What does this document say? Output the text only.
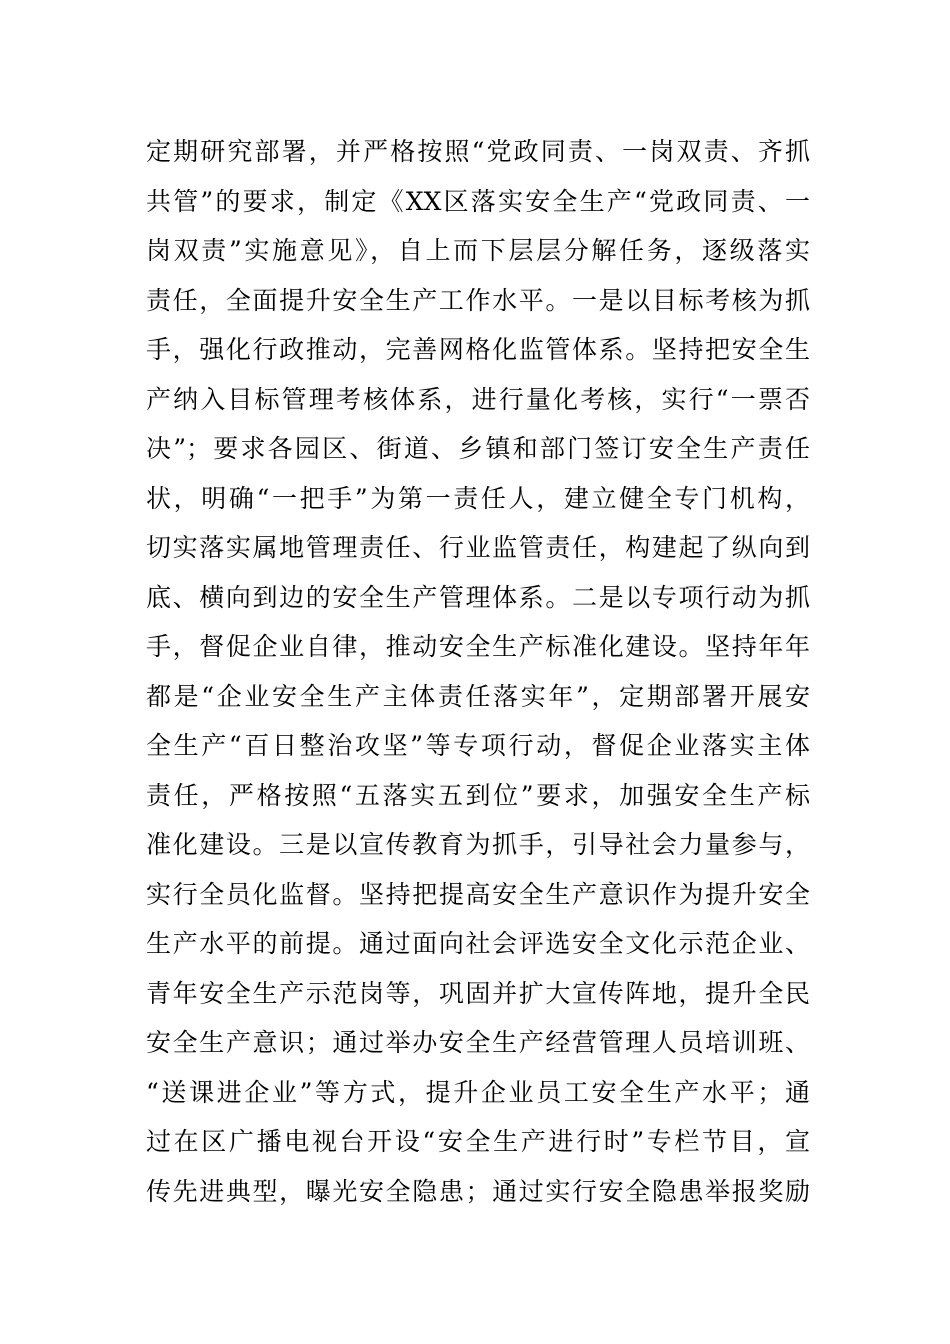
定期研究部署，并严格按照“党政同责、一岗双责、齐抓
共管”的要求，制定《XX区落实安全生产“党政同责、一
岗双责”实施意见》，自上而下层层分解任务，逐级落实
责任，全面提升安全生产工作水平。一是以目标考核为抓
手，强化行政推动，完善网格化监管体系。坚持把安全生
产纳入目标管理考核体系，进行量化考核，实行“一票否
决”；要求各园区、街道、乡镇和部门签订安全生产责任
状，明确“一把手”为第一责任人，建立健全专门机构，
切实落实属地管理责任、行业监管责任，构建起了纵向到
底、横向到边的安全生产管理体系。二是以专项行动为抓
手，督促企业自律，推动安全生产标准化建设。坚持年年
都是“企业安全生产主体责任落实年”，定期部署开展安
全生产“百日整治攻坚”等专项行动，督促企业落实主体
责任，严格按照“五落实五到位”要求，加强安全生产标
准化建设。三是以宣传教育为抓手，引导社会力量参与，
实行全员化监督。坚持把提高安全生产意识作为提升安全
生产水平的前提。通过面向社会评选安全文化示范企业、
青年安全生产示范岗等，巩固并扩大宣传阵地，提升全民
安全生产意识；通过举办安全生产经营管理人员培训班、
“送课进企业”等方式，提升企业员工安全生产水平；通
过在区广播电视台开设“安全生产进行时”专栏节目，宣
传先进典型，曝光安全隐患；通过实行安全隐患举报奖励
